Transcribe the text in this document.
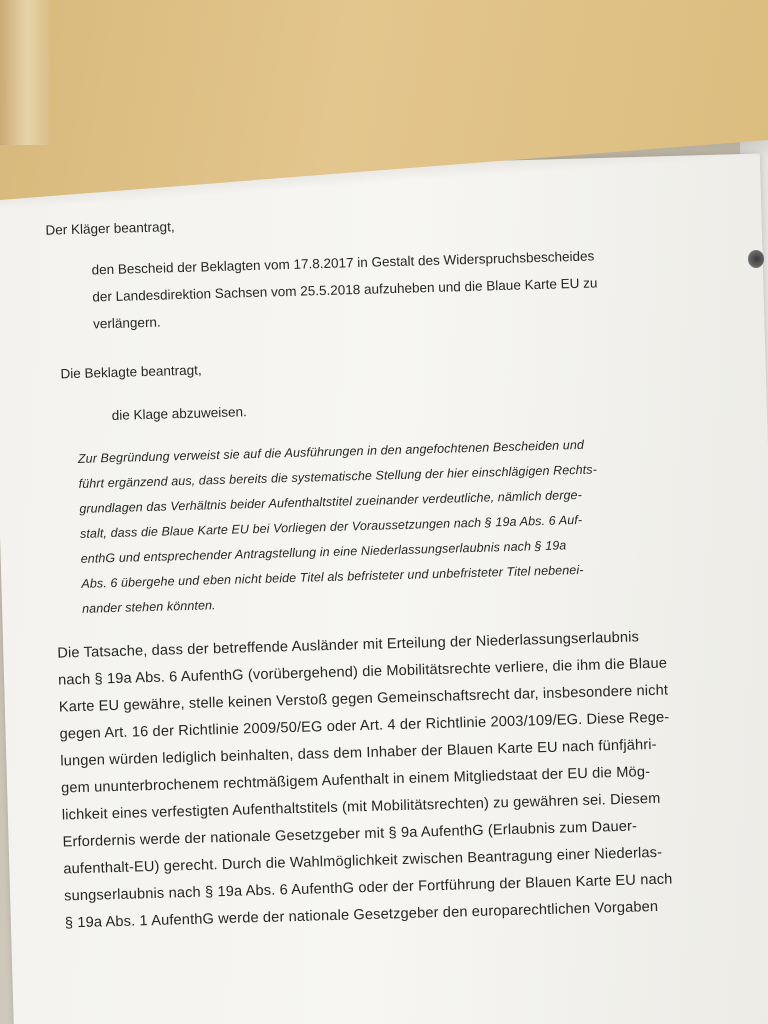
Der Kläger beantragt,
den Bescheid der Beklagten vom 17.8.2017 in Gestalt des Widerspruchsbescheides
der Landesdirektion Sachsen vom 25.5.2018 aufzuheben und die Blaue Karte EU zu
verlängern.
Die Beklagte beantragt,
die Klage abzuweisen.
Zur Begründung verweist sie auf die Ausführungen in den angefochtenen Bescheiden und
führt ergänzend aus, dass bereits die systematische Stellung der hier einschlägigen Rechts-
grundlagen das Verhältnis beider Aufenthaltstitel zueinander verdeutliche, nämlich derge-
stalt, dass die Blaue Karte EU bei Vorliegen der Voraussetzungen nach § 19a Abs. 6 Auf-
enthG und entsprechender Antragstellung in eine Niederlassungserlaubnis nach § 19a
Abs. 6 übergehe und eben nicht beide Titel als befristeter und unbefristeter Titel nebenei-
nander stehen könnten.
Die Tatsache, dass der betreffende Ausländer mit Erteilung der Niederlassungserlaubnis
nach § 19a Abs. 6 AufenthG (vorübergehend) die Mobilitätsrechte verliere, die ihm die Blaue
Karte EU gewähre, stelle keinen Verstoß gegen Gemeinschaftsrecht dar, insbesondere nicht
gegen Art. 16 der Richtlinie 2009/50/EG oder Art. 4 der Richtlinie 2003/109/EG. Diese Rege-
lungen würden lediglich beinhalten, dass dem Inhaber der Blauen Karte EU nach fünfjähri-
gem ununterbrochenem rechtmäßigem Aufenthalt in einem Mitgliedstaat der EU die Mög-
lichkeit eines verfestigten Aufenthaltstitels (mit Mobilitätsrechten) zu gewähren sei. Diesem
Erfordernis werde der nationale Gesetzgeber mit § 9a AufenthG (Erlaubnis zum Dauer-
aufenthalt-EU) gerecht. Durch die Wahlmöglichkeit zwischen Beantragung einer Niederlas-
sungserlaubnis nach § 19a Abs. 6 AufenthG oder der Fortführung der Blauen Karte EU nach
§ 19a Abs. 1 AufenthG werde der nationale Gesetzgeber den europarechtlichen Vorgaben
